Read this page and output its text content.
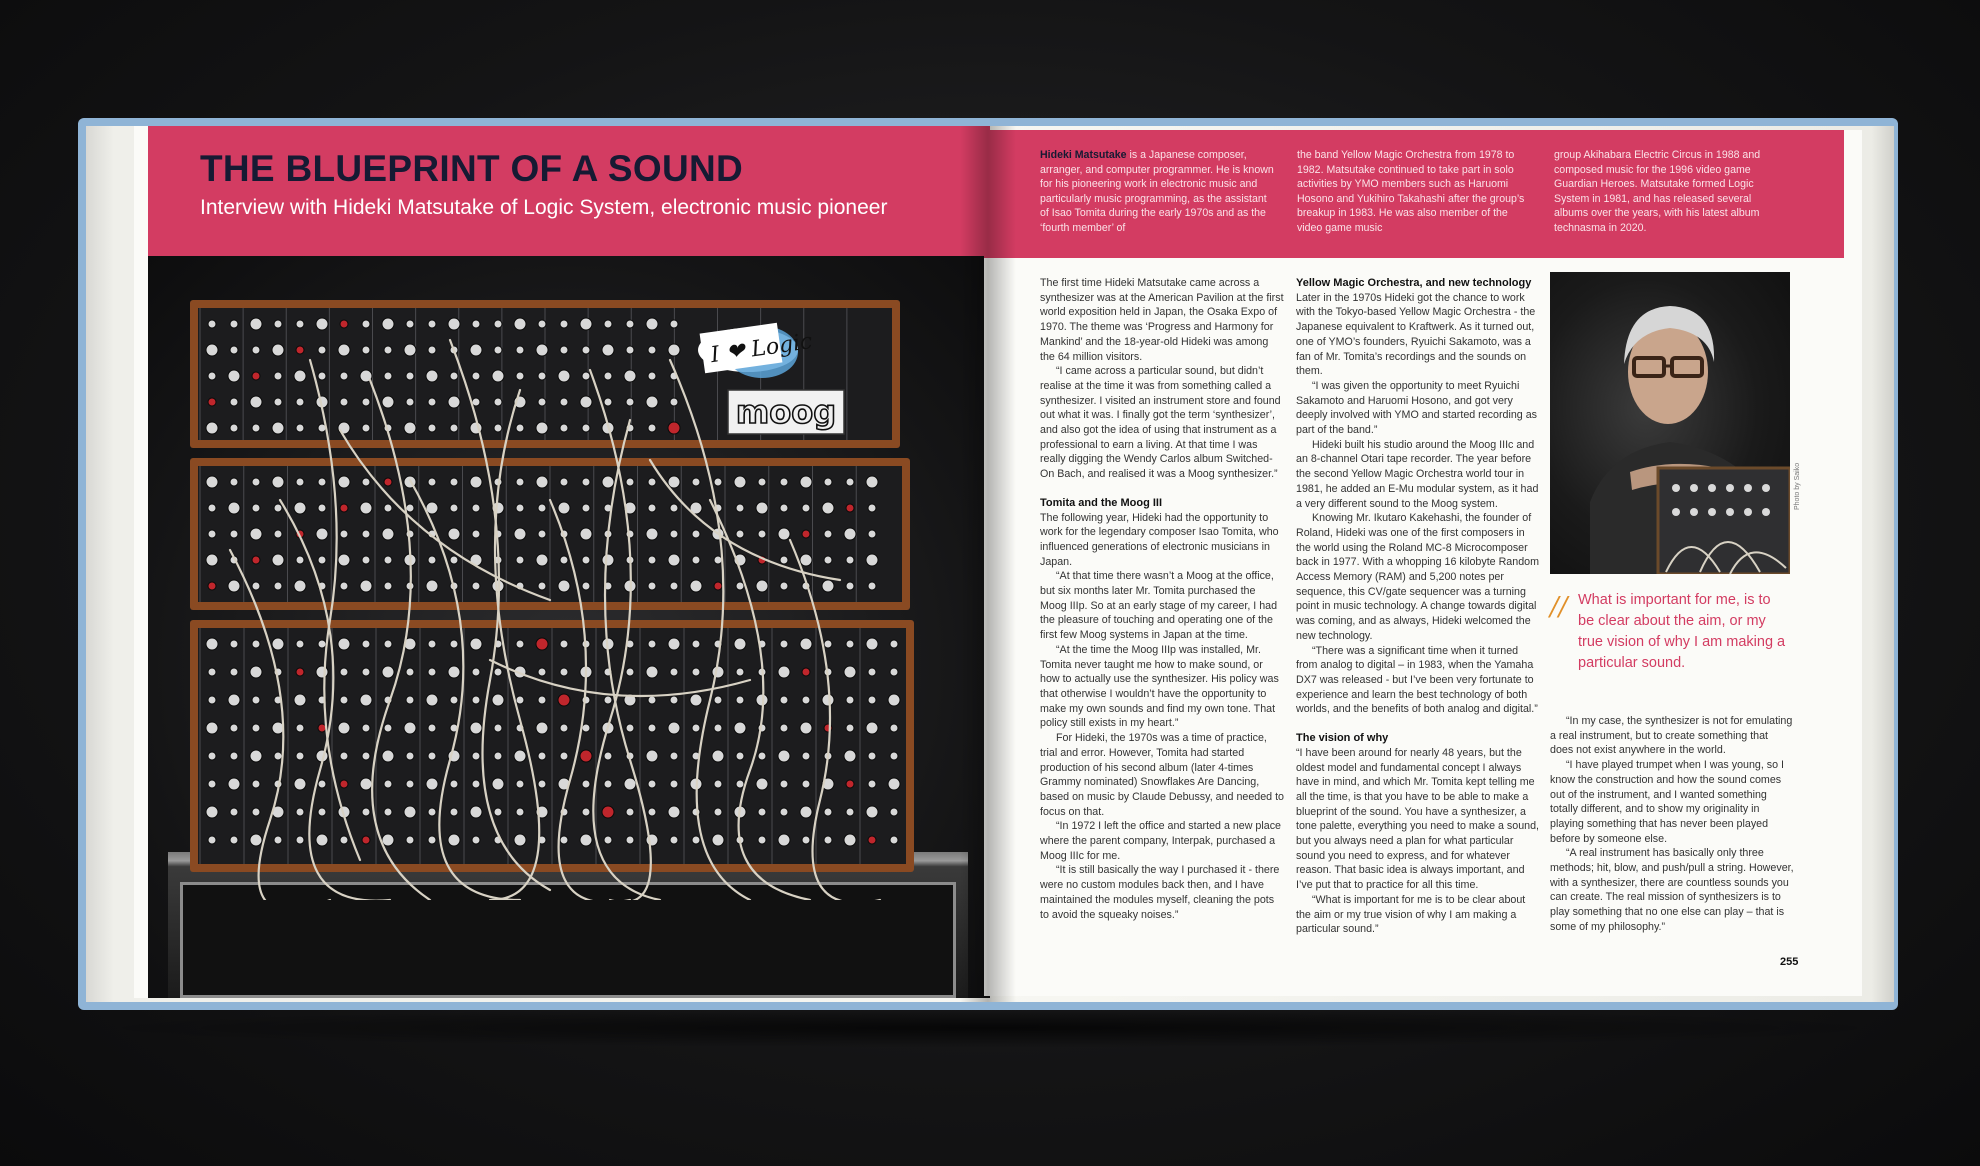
THE BLUEPRINT OF A SOUND
Interview with Hideki Matsutake of Logic System, electronic music pioneer
I ❤ Logic
moog
Hideki Matsutake is a Japanese composer, arranger, and computer programmer. He is known for his pioneering work in electronic music and particularly music programming, as the assistant of Isao Tomita during the early 1970s and as the ‘fourth member’ of
the band Yellow Magic Orchestra from 1978 to 1982. Matsutake continued to take part in solo activities by YMO members such as Haruomi Hosono and Yukihiro Takahashi after the group’s breakup in 1983. He was also member of the video game music
group Akihabara Electric Circus in 1988 and composed music for the 1996 video game Guardian Heroes. Matsutake formed Logic System in 1981, and has released several albums over the years, with his latest album technasma in 2020.

The first time Hideki Matsutake came across a synthesizer was at the American Pavilion at the first world exposition held in Japan, the Osaka Expo of 1970. The theme was ‘Progress and Harmony for Mankind’ and the 18-year-old Hideki was among the 64 million visitors.

“I came across a particular sound, but didn’t realise at the time it was from something called a synthesizer. I visited an instrument store and found out what it was. I finally got the term ‘synthesizer’, and also got the idea of using that instrument as a professional to earn a living. At that time I was really digging the Wendy Carlos album Switched-On Bach, and realised it was a Moog synthesizer.”

Tomita and the Moog III

The following year, Hideki had the opportunity to work for the legendary composer Isao Tomita, who influenced generations of electronic musicians in Japan.

“At that time there wasn’t a Moog at the office, but six months later Mr. Tomita purchased the Moog IIIp. So at an early stage of my career, I had the pleasure of touching and operating one of the first few Moog systems in Japan at the time.

“At the time the Moog IIIp was installed, Mr. Tomita never taught me how to make sound, or how to actually use the synthesizer. His policy was that otherwise I wouldn’t have the opportunity to make my own sounds and find my own tone. That policy still exists in my heart.”

For Hideki, the 1970s was a time of practice, trial and error. However, Tomita had started production of his second album (later 4-times Grammy nominated) Snowflakes Are Dancing, based on music by Claude Debussy, and needed to focus on that.

“In 1972 I left the office and started a new place where the parent company, Interpak, purchased a Moog IIIc for me.

“It is still basically the way I purchased it - there were no custom modules back then, and I have maintained the modules myself, cleaning the pots to avoid the squeaky noises.”

Yellow Magic Orchestra, and new technology

Later in the 1970s Hideki got the chance to work with the Tokyo-based Yellow Magic Orchestra - the Japanese equivalent to Kraftwerk. As it turned out, one of YMO’s founders, Ryuichi Sakamoto, was a fan of Mr. Tomita’s recordings and the sounds on them.

“I was given the opportunity to meet Ryuichi Sakamoto and Haruomi Hosono, and got very deeply involved with YMO and started recording as part of the band.”

Hideki built his studio around the Moog IIIc and an 8-channel Otari tape recorder. The year before the second Yellow Magic Orchestra world tour in 1981, he added an E-Mu modular system, as it had a very different sound to the Moog system.

Knowing Mr. Ikutaro Kakehashi, the founder of Roland, Hideki was one of the first composers in the world using the Roland MC-8 Microcomposer back in 1977. With a whopping 16 kilobyte Random Access Memory (RAM) and 5,200 notes per sequence, this CV/gate sequencer was a turning point in music technology. A change towards digital was coming, and as always, Hideki welcomed the new technology.

“There was a significant time when it turned from analog to digital – in 1983, when the Yamaha DX7 was released - but I’ve been very fortunate to experience and learn the best technology of both worlds, and the benefits of both analog and digital.”

The vision of why

“I have been around for nearly 48 years, but the oldest model and fundamental concept I always have in mind, and which Mr. Tomita kept telling me all the time, is that you have to be able to make a blueprint of the sound. You have a synthesizer, a tone palette, everything you need to make a sound, but you always need a plan for what particular sound you need to express, and for whatever reason. That basic idea is always important, and I’ve put that to practice for all this time.

“What is important for me is to be clear about the aim or my true vision of why I am making a particular sound.”

Photo by Saiko
// What is important for me, is to be clear about the aim, or my true vision of why I am making a particular sound.

“In my case, the synthesizer is not for emulating a real instrument, but to create something that does not exist anywhere in the world.

“I have played trumpet when I was young, so I know the construction and how the sound comes out of the instrument, and I wanted something totally different, and to show my originality in playing something that has never been played before by someone else.

“A real instrument has basically only three methods; hit, blow, and push/pull a string. However, with a synthesizer, there are countless sounds you can create. The real mission of synthesizers is to play something that no one else can play – that is some of my philosophy.”

255
